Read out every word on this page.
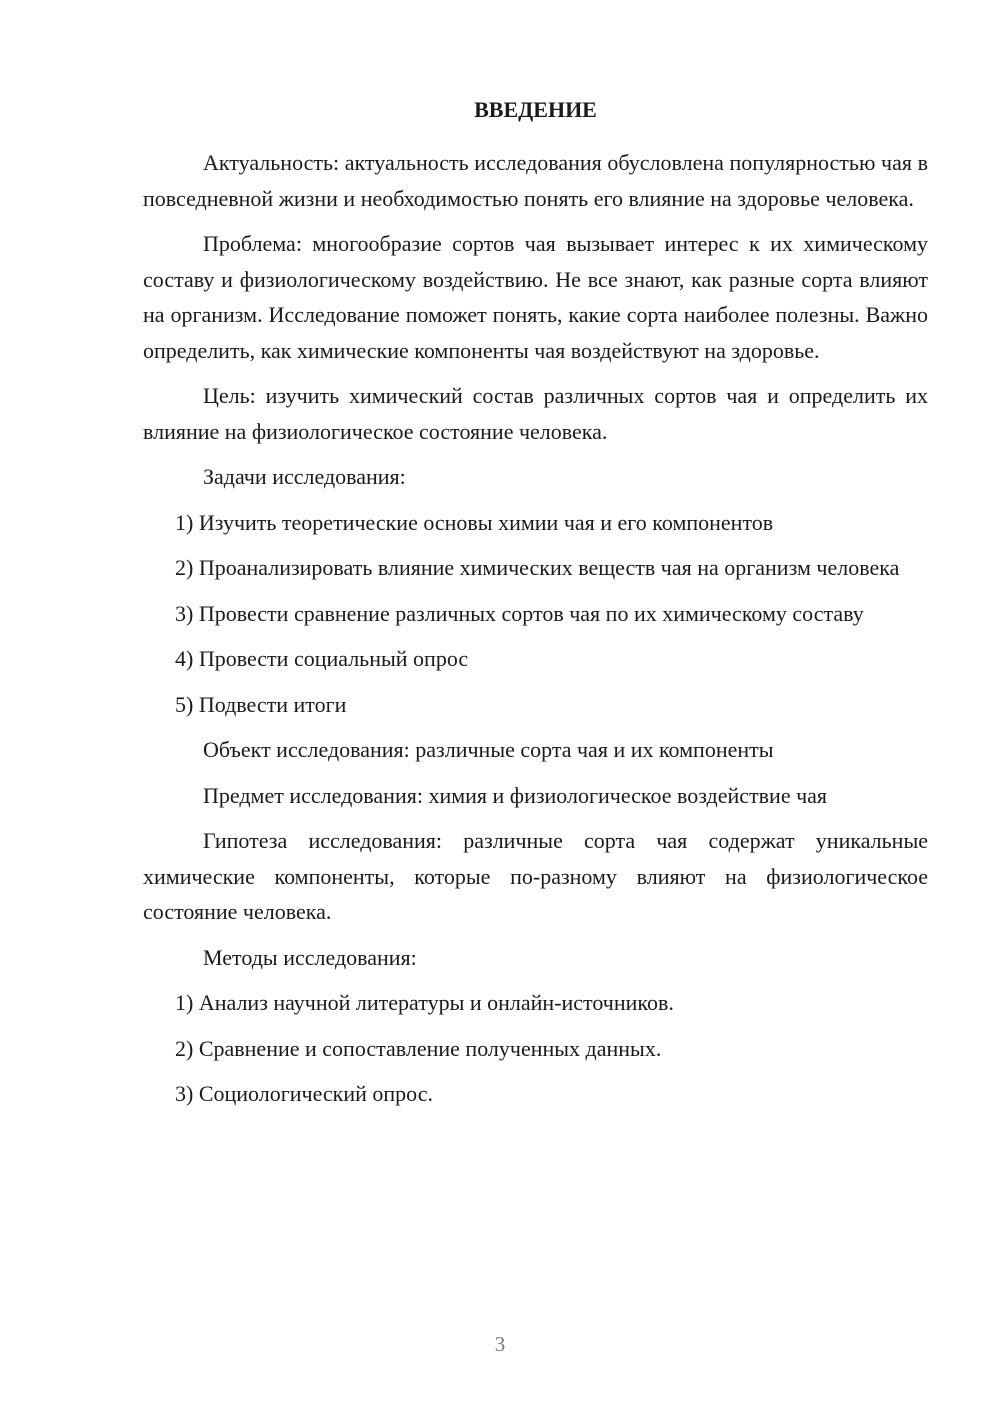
ВВЕДЕНИЕ

Актуальность: актуальность исследования обусловлена популярностью чая в повседневной жизни и необходимостью понять его влияние на здоровье человека.

Проблема: многообразие сортов чая вызывает интерес к их химическому составу и физиологическому воздействию. Не все знают, как разные сорта влияют на организм. Исследование поможет понять, какие сорта наиболее полезны. Важно определить, как химические компоненты чая воздействуют на здоровье.

Цель: изучить химический состав различных сортов чая и определить их влияние на физиологическое состояние человека.

Задачи исследования:

1) Изучить теоретические основы химии чая и его компонентов

2) Проанализировать влияние химических веществ чая на организм человека

3) Провести сравнение различных сортов чая по их химическому составу

4) Провести социальный опрос

5) Подвести итоги

Объект исследования: различные сорта чая и их компоненты

Предмет исследования: химия и физиологическое воздействие чая

Гипотеза исследования: различные сорта чая содержат уникальные химические компоненты, которые по-разному влияют на физиологическое состояние человека.

Методы исследования:

1) Анализ научной литературы и онлайн-источников.

2) Сравнение и сопоставление полученных данных.

3) Социологический опрос.

3
